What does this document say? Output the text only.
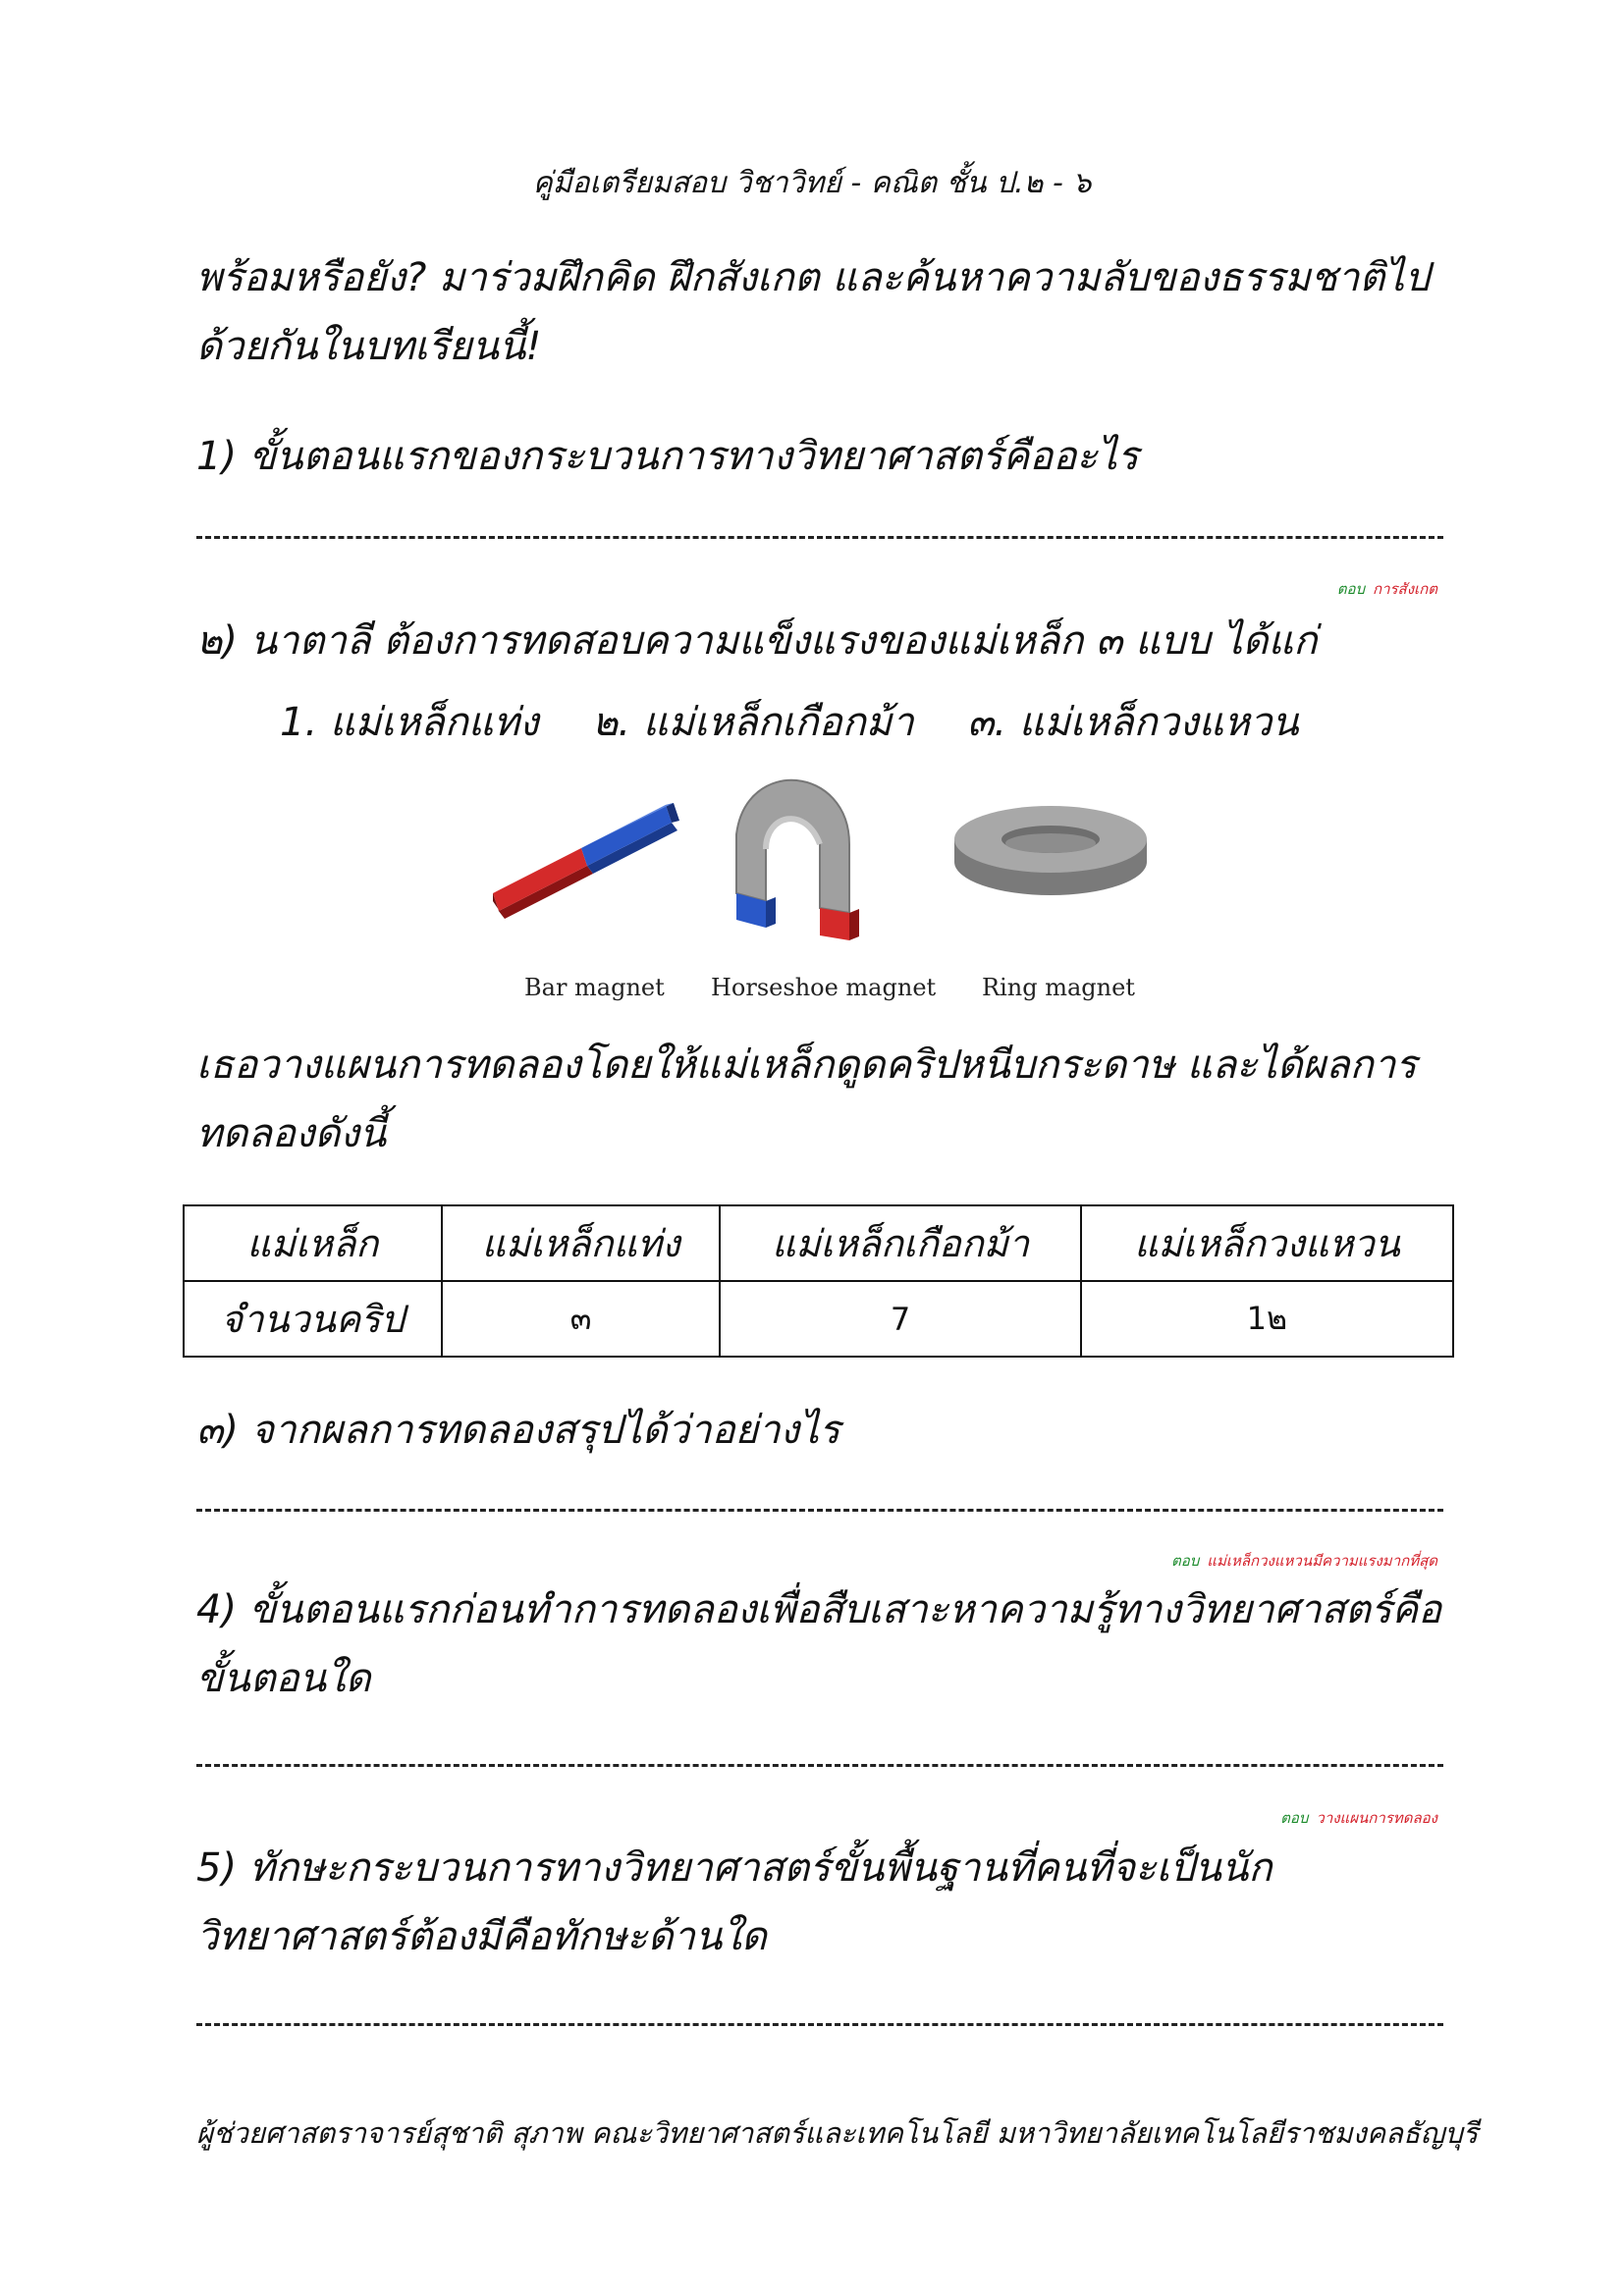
คู่มือเตรียมสอบ วิชาวิทย์ - คณิต ชั้น ป.๒ - ๖
พร้อมหรือยัง? มาร่วมฝึกคิด ฝึกสังเกต และค้นหาความลับของธรรมชาติไปด้วยกันในบทเรียนนี้!
1) ขั้นตอนแรกของกระบวนการทางวิทยาศาสตร์คืออะไร
ตอบ การสังเกต
๒) นาตาลี ต้องการทดสอบความแข็งแรงของแม่เหล็ก ๓ แบบ ได้แก่
1. แม่เหล็กแท่ง ๒. แม่เหล็กเกือกม้า ๓. แม่เหล็กวงแหวน
Bar magnet Horseshoe magnet Ring magnet
เธอวางแผนการทดลองโดยให้แม่เหล็กดูดคริปหนีบกระดาษ และได้ผลการทดลองดังนี้
แม่เหล็ก	แม่เหล็กแท่ง	แม่เหล็กเกือกม้า	แม่เหล็กวงแหวน
จำนวนคริป	๓	7	1๒
๓) จากผลการทดลองสรุปได้ว่าอย่างไร
ตอบ แม่เหล็กวงแหวนมีความแรงมากที่สุด
4) ขั้นตอนแรกก่อนทำการทดลองเพื่อสืบเสาะหาความรู้ทางวิทยาศาสตร์คือขั้นตอนใด
ตอบ วางแผนการทดลอง
5) ทักษะกระบวนการทางวิทยาศาสตร์ขั้นพื้นฐานที่คนที่จะเป็นนักวิทยาศาสตร์ต้องมีคือทักษะด้านใด
ผู้ช่วยศาสตราจารย์สุชาติ สุภาพ คณะวิทยาศาสตร์และเทคโนโลยี มหาวิทยาลัยเทคโนโลยีราชมงคลธัญบุรี
